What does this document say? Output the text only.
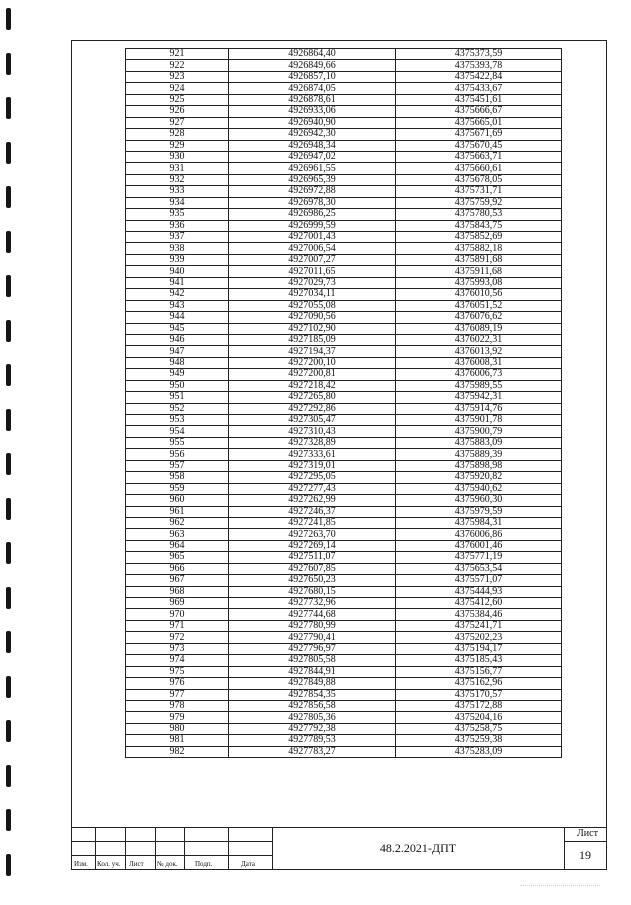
921	4926864,40	4375373,59
922	4926849,66	4375393,78
923	4926857,10	4375422,84
924	4926874,05	4375433,67
925	4926878,61	4375451,61
926	4926933,06	4375666,67
927	4926940,90	4375665,01
928	4926942,30	4375671,69
929	4926948,34	4375670,45
930	4926947,02	4375663,71
931	4926961,55	4375660,61
932	4926965,39	4375678,05
933	4926972,88	4375731,71
934	4926978,30	4375759,92
935	4926986,25	4375780,53
936	4926999,59	4375843,75
937	4927001,43	4375852,69
938	4927006,54	4375882,18
939	4927007,27	4375891,68
940	4927011,65	4375911,68
941	4927029,73	4375993,08
942	4927034,11	4376010,56
943	4927055,08	4376051,52
944	4927090,56	4376076,62
945	4927102,90	4376089,19
946	4927185,09	4376022,31
947	4927194,37	4376013,92
948	4927200,10	4376008,31
949	4927200,81	4376006,73
950	4927218,42	4375989,55
951	4927265,80	4375942,31
952	4927292,86	4375914,76
953	4927305,47	4375901,78
954	4927310,43	4375900,79
955	4927328,89	4375883,09
956	4927333,61	4375889,39
957	4927319,01	4375898,98
958	4927295,05	4375920,82
959	4927277,43	4375940,62
960	4927262,99	4375960,30
961	4927246,37	4375979,59
962	4927241,85	4375984,31
963	4927263,70	4376006,86
964	4927269,14	4376001,46
965	4927511,07	4375771,19
966	4927607,85	4375653,54
967	4927650,23	4375571,07
968	4927680,15	4375444,93
969	4927732,96	4375412,60
970	4927744,68	4375384,46
971	4927780,99	4375241,71
972	4927790,41	4375202,23
973	4927796,97	4375194,17
974	4927805,58	4375185,43
975	4927844,91	4375156,77
976	4927849,88	4375162,96
977	4927854,35	4375170,57
978	4927856,58	4375172,88
979	4927805,36	4375204,16
980	4927792,38	4375258,75
981	4927789,53	4375259,38
982	4927783,27	4375283,09
Изм. Кол. уч. Лист № док. Подп.	Дата
48.2.2021-ДПТ
Лист
19
